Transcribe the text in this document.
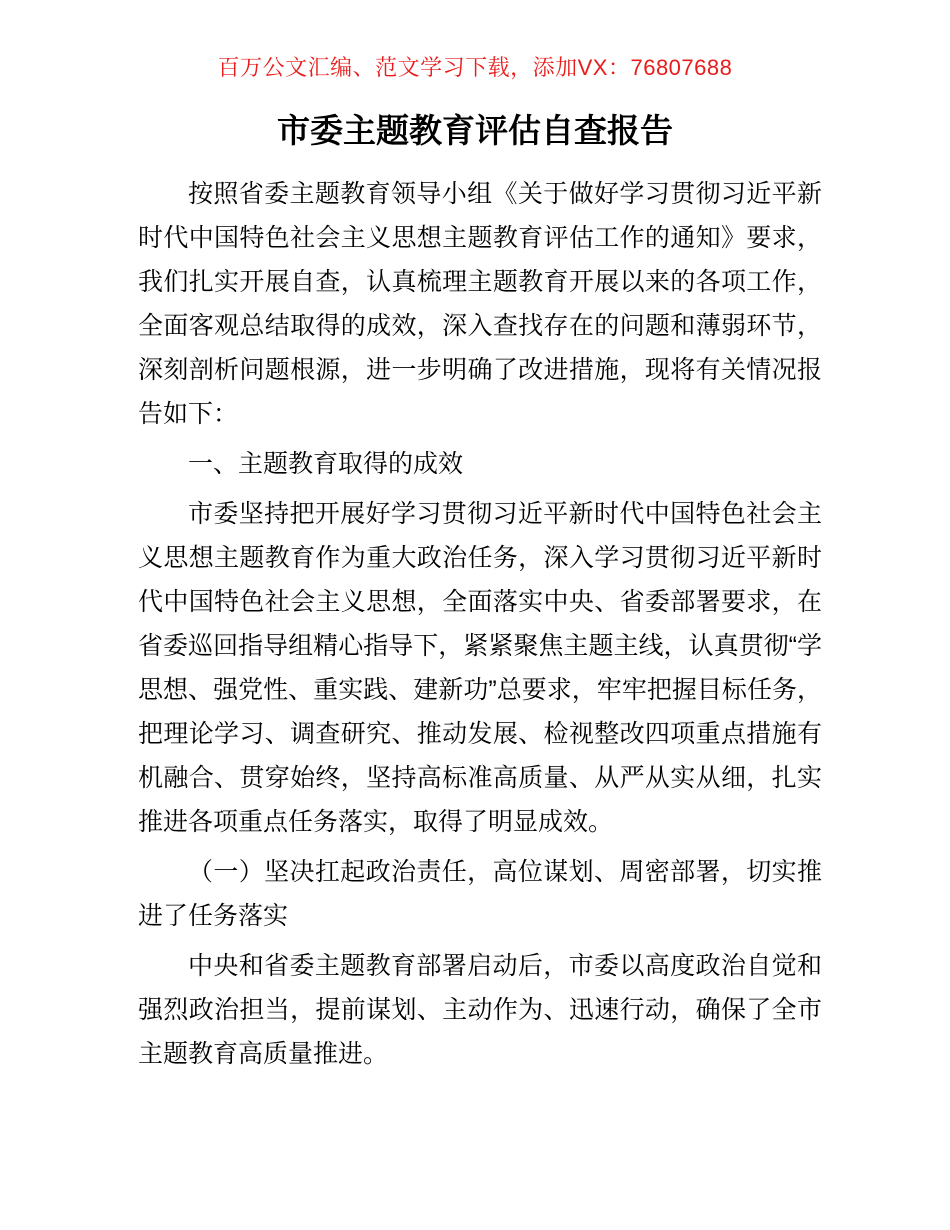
百万公文汇编、范文学习下载，添加VX：76807688
市委主题教育评估自查报告

按照省委主题教育领导小组《关于做好学习贯彻习近平新时代中国特色社会主义思想主题教育评估工作的通知》要求，我们扎实开展自查，认真梳理主题教育开展以来的各项工作，全面客观总结取得的成效，深入查找存在的问题和薄弱环节，深刻剖析问题根源，进一步明确了改进措施，现将有关情况报告如下：

一、主题教育取得的成效

市委坚持把开展好学习贯彻习近平新时代中国特色社会主义思想主题教育作为重大政治任务，深入学习贯彻习近平新时代中国特色社会主义思想，全面落实中央、省委部署要求，在省委巡回指导组精心指导下，紧紧聚焦主题主线，认真贯彻“学思想、强党性、重实践、建新功”总要求，牢牢把握目标任务，把理论学习、调查研究、推动发展、检视整改四项重点措施有机融合、贯穿始终，坚持高标准高质量、从严从实从细，扎实推进各项重点任务落实，取得了明显成效。

（一）坚决扛起政治责任，高位谋划、周密部署，切实推进了任务落实

中央和省委主题教育部署启动后，市委以高度政治自觉和强烈政治担当，提前谋划、主动作为、迅速行动，确保了全市主题教育高质量推进。
